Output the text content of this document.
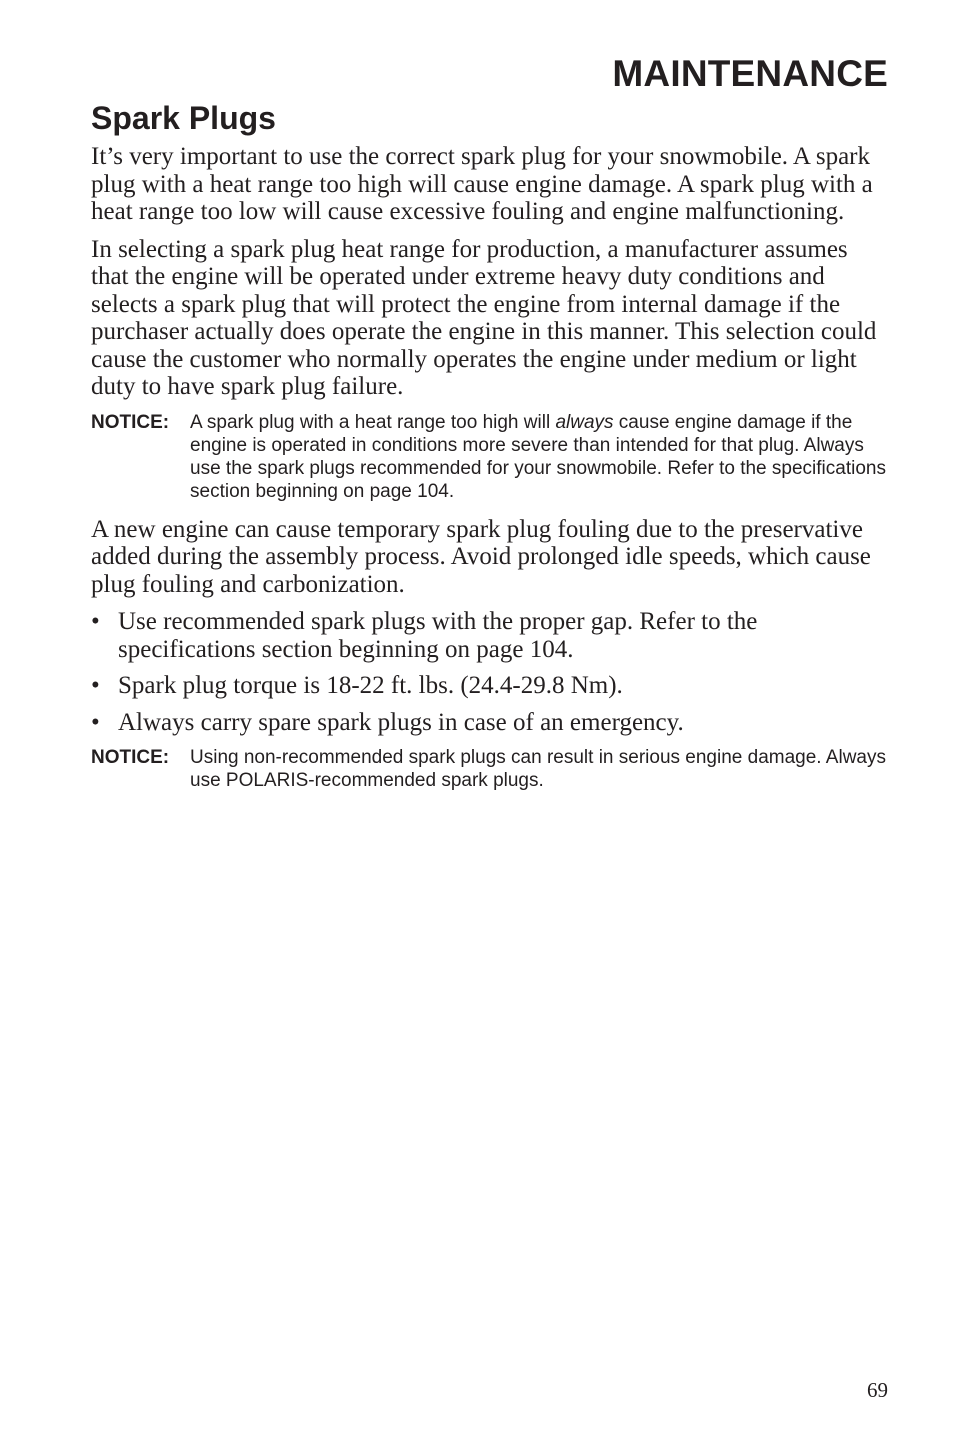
MAINTENANCE
Spark Plugs

It’s very important to use the correct spark plug for your snowmobile. A spark plug with a heat range too high will cause engine damage. A spark plug with a heat range too low will cause excessive fouling and engine malfunctioning.

In selecting a spark plug heat range for production, a manufacturer assumes that the engine will be operated under extreme heavy duty conditions and selects a spark plug that will protect the engine from internal damage if the purchaser actually does operate the engine in this manner. This selection could cause the customer who normally operates the engine under medium or light duty to have spark plug failure.

NOTICE: A spark plug with a heat range too high will always cause engine damage if the engine is operated in conditions more severe than intended for that plug. Always use the spark plugs recommended for your snowmobile. Refer to the specifications section beginning on page 104.

A new engine can cause temporary spark plug fouling due to the preservative added during the assembly process. Avoid prolonged idle speeds, which cause plug fouling and carbonization.

• Use recommended spark plugs with the proper gap. Refer to the specifications section beginning on page 104.
• Spark plug torque is 18-22 ft. lbs. (24.4-29.8 Nm).
• Always carry spare spark plugs in case of an emergency.
NOTICE: Using non-recommended spark plugs can result in serious engine damage. Always use POLARIS-recommended spark plugs.
69
